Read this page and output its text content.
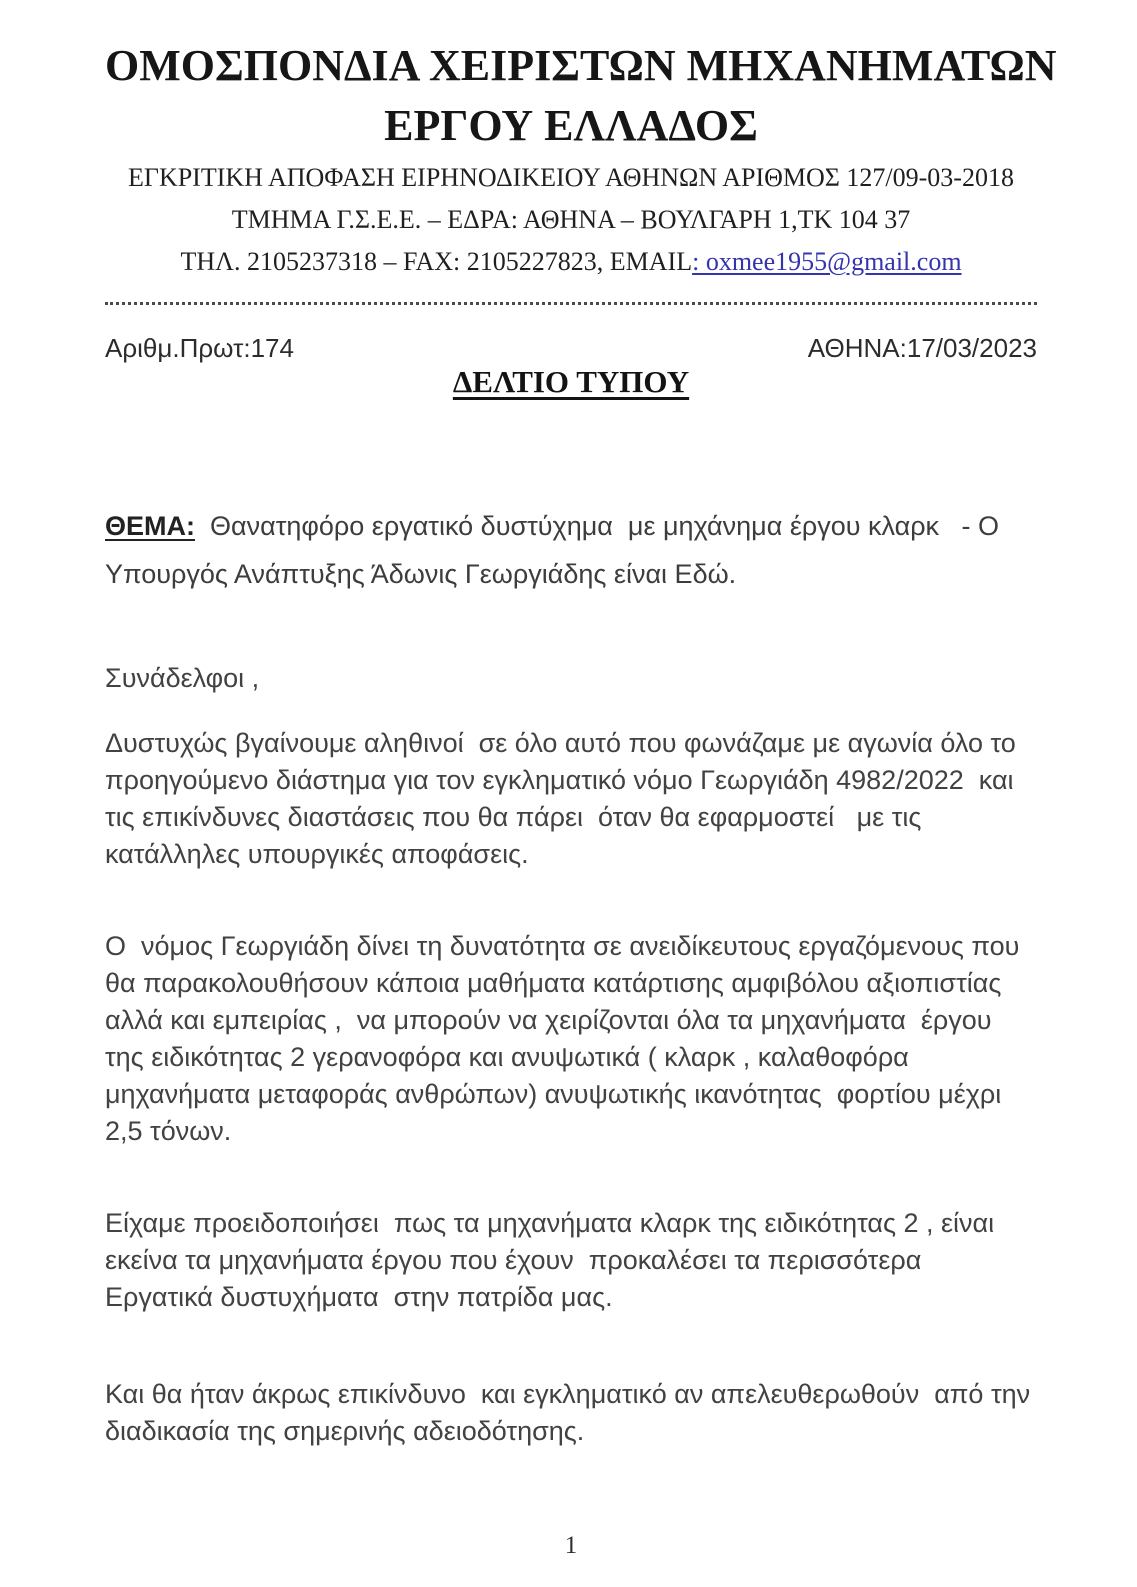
ΟΜΟΣΠΟΝΔΙΑ ΧΕΙΡΙΣΤΩΝ ΜΗΧΑΝΗΜΑΤΩΝ
ΕΡΓΟΥ ΕΛΛΑΔΟΣ
ΕΓΚΡΙΤΙΚΗ ΑΠΟΦΑΣΗ ΕΙΡΗΝΟΔΙΚΕΙΟΥ ΑΘΗΝΩΝ ΑΡΙΘΜΟΣ 127/09-03-2018
ΤΜΗΜΑ Γ.Σ.Ε.Ε. – ΕΔΡΑ: ΑΘΗΝΑ – ΒΟΥΛΓΑΡΗ 1,ΤΚ 104 37
ΤΗΛ. 2105237318 – FAX: 2105227823, EMAIL: oxmee1955@gmail.com
Αριθμ.Πρωτ:174	ΑΘΗΝΑ:17/03/2023
ΔΕΛΤΙΟ ΤΥΠΟΥ

ΘΕΜΑ:  Θανατηφόρο εργατικό δυστύχημα  με μηχάνημα έργου κλαρκ   - Ο Υπουργός Ανάπτυξης Άδωνις Γεωργιάδης είναι Εδώ.

Συνάδελφοι ,

Δυστυχώς βγαίνουμε αληθινοί  σε όλο αυτό που φωνάζαμε με αγωνία όλο το προηγούμενο διάστημα για τον εγκληματικό νόμο Γεωργιάδη 4982/2022  και τις επικίνδυνες διαστάσεις που θα πάρει  όταν θα εφαρμοστεί   με τις κατάλληλες υπουργικές αποφάσεις.

Ο  νόμος Γεωργιάδη δίνει τη δυνατότητα σε ανειδίκευτους εργαζόμενους που θα παρακολουθήσουν κάποια μαθήματα κατάρτισης αμφιβόλου αξιοπιστίας αλλά και εμπειρίας ,  να μπορούν να χειρίζονται όλα τα μηχανήματα  έργου της ειδικότητας 2 γερανοφόρα και ανυψωτικά ( κλαρκ , καλαθοφόρα μηχανήματα μεταφοράς ανθρώπων) ανυψωτικής ικανότητας  φορτίου μέχρι 2,5 τόνων.

Είχαμε προειδοποιήσει  πως τα μηχανήματα κλαρκ της ειδικότητας 2 , είναι εκείνα τα μηχανήματα έργου που έχουν  προκαλέσει τα περισσότερα  Εργατικά δυστυχήματα  στην πατρίδα μας.

Και θα ήταν άκρως επικίνδυνο  και εγκληματικό αν απελευθερωθούν  από την διαδικασία της σημερινής αδειοδότησης.

1
